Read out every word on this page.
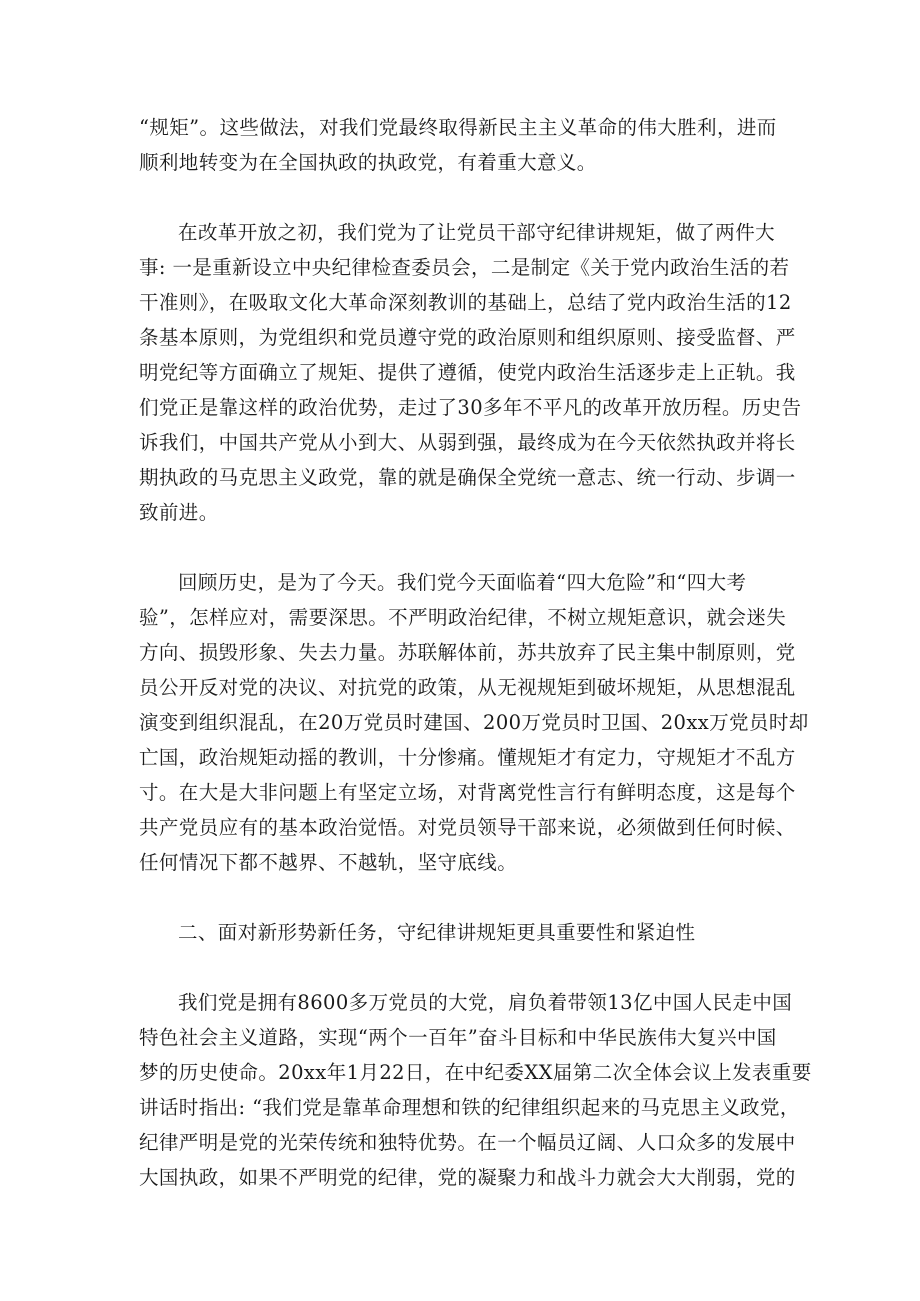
“规矩”。这些做法，对我们党最终取得新民主主义革命的伟大胜利，进而
顺利地转变为在全国执政的执政党，有着重大意义。
在改革开放之初，我们党为了让党员干部守纪律讲规矩，做了两件大
事: 一是重新设立中央纪律检查委员会，二是制定《关于党内政治生活的若
干准则》，在吸取文化大革命深刻教训的基础上，总结了党内政治生活的12
条基本原则，为党组织和党员遵守党的政治原则和组织原则、接受监督、严
明党纪等方面确立了规矩、提供了遵循，使党内政治生活逐步走上正轨。我
们党正是靠这样的政治优势，走过了30多年不平凡的改革开放历程。历史告
诉我们，中国共产党从小到大、从弱到强，最终成为在今天依然执政并将长
期执政的马克思主义政党，靠的就是确保全党统一意志、统一行动、步调一
致前进。
回顾历史，是为了今天。我们党今天面临着“四大危险”和“四大考
验”，怎样应对，需要深思。不严明政治纪律，不树立规矩意识，就会迷失
方向、损毁形象、失去力量。苏联解体前，苏共放弃了民主集中制原则，党
员公开反对党的决议、对抗党的政策，从无视规矩到破坏规矩，从思想混乱
演变到组织混乱，在20万党员时建国、200万党员时卫国、20xx万党员时却
亡国，政治规矩动摇的教训，十分惨痛。懂规矩才有定力，守规矩才不乱方
寸。在大是大非问题上有坚定立场，对背离党性言行有鲜明态度，这是每个
共产党员应有的基本政治觉悟。对党员领导干部来说，必须做到任何时候、
任何情况下都不越界、不越轨，坚守底线。
二、面对新形势新任务，守纪律讲规矩更具重要性和紧迫性
我们党是拥有8600多万党员的大党，肩负着带领13亿中国人民走中国
特色社会主义道路，实现“两个一百年”奋斗目标和中华民族伟大复兴中国
梦的历史使命。20xx年1月22日，在中纪委XX届第二次全体会议上发表重要
讲话时指出: “我们党是靠革命理想和铁的纪律组织起来的马克思主义政党，
纪律严明是党的光荣传统和独特优势。在一个幅员辽阔、人口众多的发展中
大国执政，如果不严明党的纪律，党的凝聚力和战斗力就会大大削弱，党的
